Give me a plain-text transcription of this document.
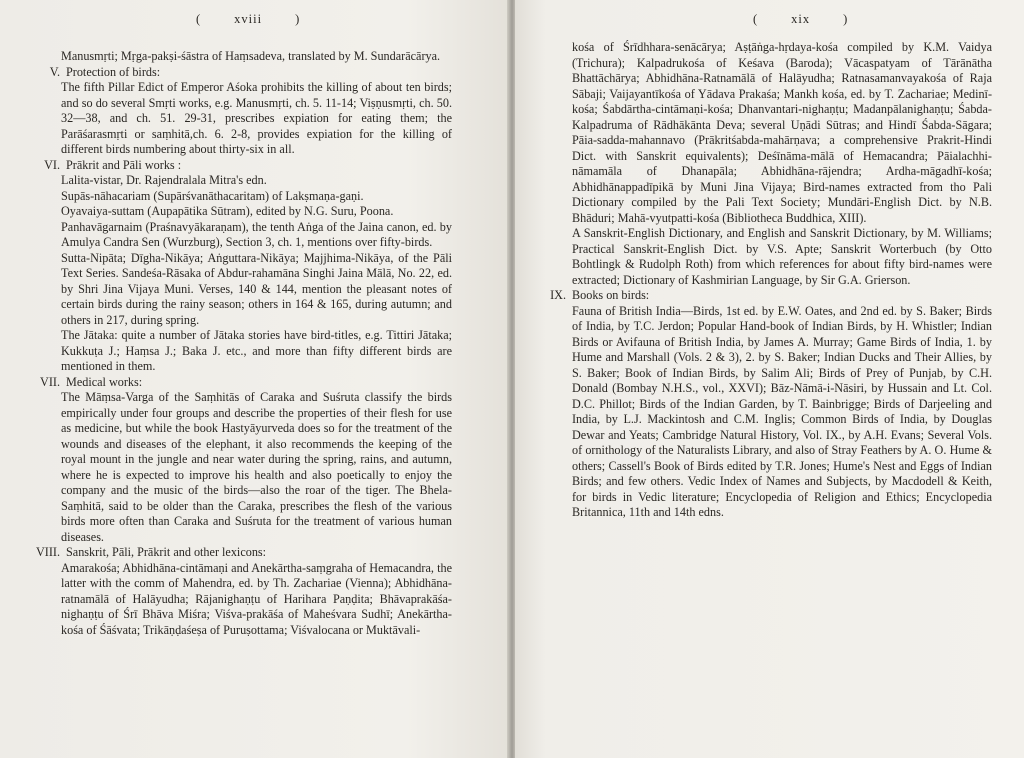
(        xviii        )
Manusmṛti; Mṛga-pakṣi-śāstra of Haṃsadeva, translated by M. Sundarācārya.
V. Protection of birds:

The fifth Pillar Edict of Emperor Aśoka prohibits the killing of about ten birds; and so do several Smṛti works, e.g. Manusmṛti, ch. 5. 11-14; Viṣṇusmṛti, ch. 50. 32—38, and ch. 51. 29-31, prescribes expiation for eating them; the Parāśarasmṛti or saṃhitā,ch. 6. 2-8, provides expiation for the killing of different birds numbering about thirty-six in all.

VI. Prākrit and Pāli works :

Lalita-vistar, Dr. Rajendralala Mitra's edn.

Supās-nāhacariam (Supārśvanāthacaritam) of Lakṣmaṇa-gaṇi.

Oyavaiya-suttam (Aupapātika Sūtram), edited by N.G. Suru, Poona.

Panhavāgarnaim (Praśnavyākaraṇam), the tenth Aṅga of the Jaina canon, ed. by Amulya Candra Sen (Wurzburg), Section 3, ch. 1, mentions over fifty-birds.

Sutta-Nipāta; Dīgha-Nikāya; Aṅguttara-Nikāya; Majjhima-Nikāya, of the Pāli Text Series. Sandeśa-Rāsaka of Abdur-rahamāna Singhi Jaina Mālā, No. 22, ed. by Shri Jina Vijaya Muni. Verses, 140 & 144, mention the pleasant notes of certain birds during the rainy season; others in 164 & 165, during autumn; and others in 217, during spring.

The Jātaka: quite a number of Jātaka stories have bird-titles, e.g. Tittiri Jātaka; Kukkuṭa J.; Haṃsa J.; Baka J. etc., and more than fifty different birds are mentioned in them.

VII. Medical works:

The Māṃsa-Varga of the Saṃhitās of Caraka and Suśruta classify the birds empirically under four groups and describe the properties of their flesh for use as medicine, but while the book Hastyāyurveda does so for the treatment of the wounds and diseases of the elephant, it also recommends the keeping of the royal mount in the jungle and near water during the spring, rains, and autumn, where he is expected to improve his health and also poetically to enjoy the company and the music of the birds—also the roar of the tiger. The Bhela-Saṃhitā, said to be older than the Caraka, prescribes the flesh of the various birds more often than Caraka and Suśruta for the treatment of various human diseases.

VIII. Sanskrit, Pāli, Prākrit and other lexicons:

Amarakośa; Abhidhāna-cintāmaṇi and Anekārtha-saṃgraha of Hemacandra, the latter with the comm of Mahendra, ed. by Th. Zachariae (Vienna); Abhidhāna-ratnamālā of Halāyudha; Rājanighaṇṭu of Harihara Paṇḍita; Bhāvaprakāśa-nighaṇṭu of Śrī Bhāva Miśra; Viśva-prakāśa of Maheśvara Sudhī; Anekārtha-kośa of Śāśvata; Trikāṇḍaśeṣa of Puruṣottama; Viśvalocana or Muktāvali-

(        xix        )

kośa of Śrīdhhara-senācārya; Aṣṭāṅga-hṛdaya-kośa compiled by K.M. Vaidya (Trichura); Kalpadrukośa of Keśava (Baroda); Vācaspatyam of Tārānātha Bhattāchārya; Abhidhāna-Ratnamālā of Halāyudha; Ratnasamanvayakośa of Raja Sābaji; Vaijayantīkośa of Yādava Prakaśa; Mankh kośa, ed. by T. Zachariae; Medinī-kośa; Śabdārtha-cintāmaṇi-kośa; Dhanvantari-nighaṇṭu; Madanpālanighaṇṭu; Śabda-Kalpadruma of Rādhākānta Deva; several Uṇādi Sūtras; and Hindī Śabda-Sāgara; Pāia-sadda-mahannavo (Prākritśabda-mahārṇava; a comprehensive Prakrit-Hindi Dict. with Sanskrit equivalents); Deśīnāma-mālā of Hemacandra; Pāialachhi-nāmamāla of Dhanapāla; Abhidhāna-rājendra; Ardha-māgadhī-kośa; Abhidhānappadīpikā by Muni Jina Vijaya; Bird-names extracted from tho Pali Dictionary compiled by the Pali Text Society; Mundāri-English Dict. by N.B. Bhāduri; Mahā-vyutpatti-kośa (Bibliotheca Buddhica, XIII).

A Sanskrit-English Dictionary, and English and Sanskrit Dictionary, by M. Williams; Practical Sanskrit-English Dict. by V.S. Apte; Sanskrit Worterbuch (by Otto Bohtlingk & Rudolph Roth) from which references for about fifty bird-names were extracted; Dictionary of Kashmirian Language, by Sir G.A. Grierson.

IX. Books on birds:

Fauna of British India—Birds, 1st ed. by E.W. Oates, and 2nd ed. by S. Baker; Birds of India, by T.C. Jerdon; Popular Hand-book of Indian Birds, by H. Whistler; Indian Birds or Avifauna of British India, by James A. Murray; Game Birds of India, 1. by Hume and Marshall (Vols. 2 & 3), 2. by S. Baker; Indian Ducks and Their Allies, by S. Baker; Book of Indian Birds, by Salim Ali; Birds of Prey of Punjab, by C.H. Donald (Bombay N.H.S., vol., XXVI); Bāz-Nāmā-i-Nāsiri, by Hussain and Lt. Col. D.C. Phillot; Birds of the Indian Garden, by T. Bainbrigge; Birds of Darjeeling and India, by L.J. Mackintosh and C.M. Inglis; Common Birds of India, by Douglas Dewar and Yeats; Cambridge Natural History, Vol. IX., by A.H. Evans; Several Vols. of ornithology of the Naturalists Library, and also of Stray Feathers by A. O. Hume & others; Cassell's Book of Birds edited by T.R. Jones; Hume's Nest and Eggs of Indian Birds; and few others. Vedic Index of Names and Subjects, by Macdodell & Keith, for birds in Vedic literature; Encyclopedia of Religion and Ethics; Encyclopedia Britannica, 11th and 14th edns.
